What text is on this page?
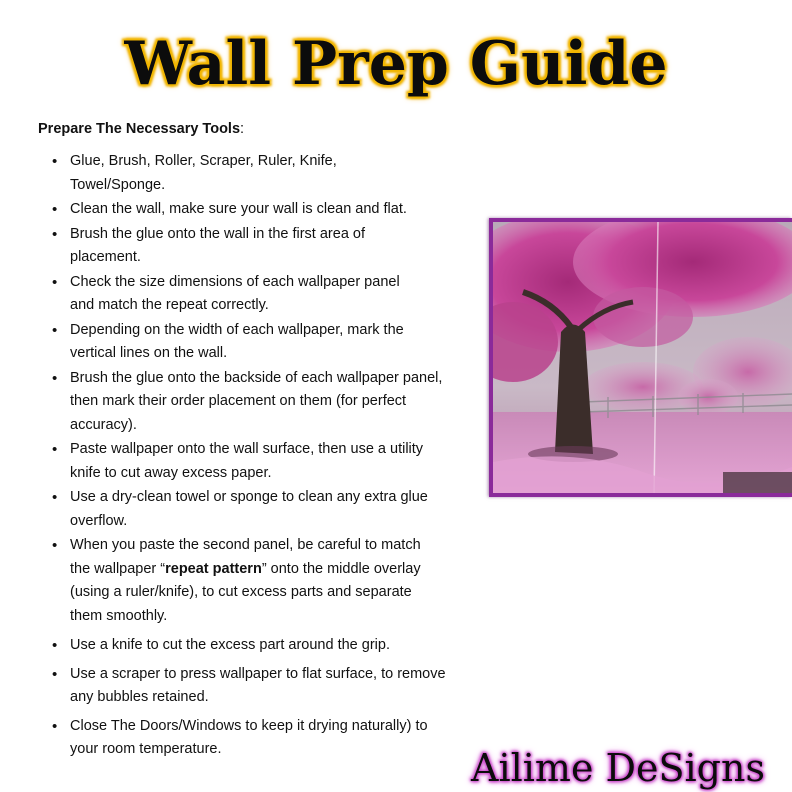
Wall Prep Guide

Prepare The Necessary Tools:

• Glue, Brush, Roller, Scraper, Ruler, Knife, Towel/Sponge.
• Clean the wall, make sure your wall is clean and flat.
• Brush the glue onto the wall in the first area of placement.
• Check the size dimensions of each wallpaper panel and match the repeat correctly.
• Depending on the width of each wallpaper, mark the vertical lines on the wall.
• Brush the glue onto the backside of each wallpaper panel, then mark their order placement on them (for perfect accuracy).
• Paste wallpaper onto the wall surface, then use a utility knife to cut away excess paper.
• Use a dry-clean towel or sponge to clean any extra glue overflow.
• When you paste the second panel, be careful to match the wallpaper “repeat pattern” onto the middle overlay (using a ruler/knife), to cut excess parts and separate them smoothly.
• Use a knife to cut the excess part around the grip.
• Use a scraper to press wallpaper to flat surface, to remove any bubbles retained.
• Close The Doors/Windows to keep it drying naturally) to your room temperature.	Ailime DeSigns
